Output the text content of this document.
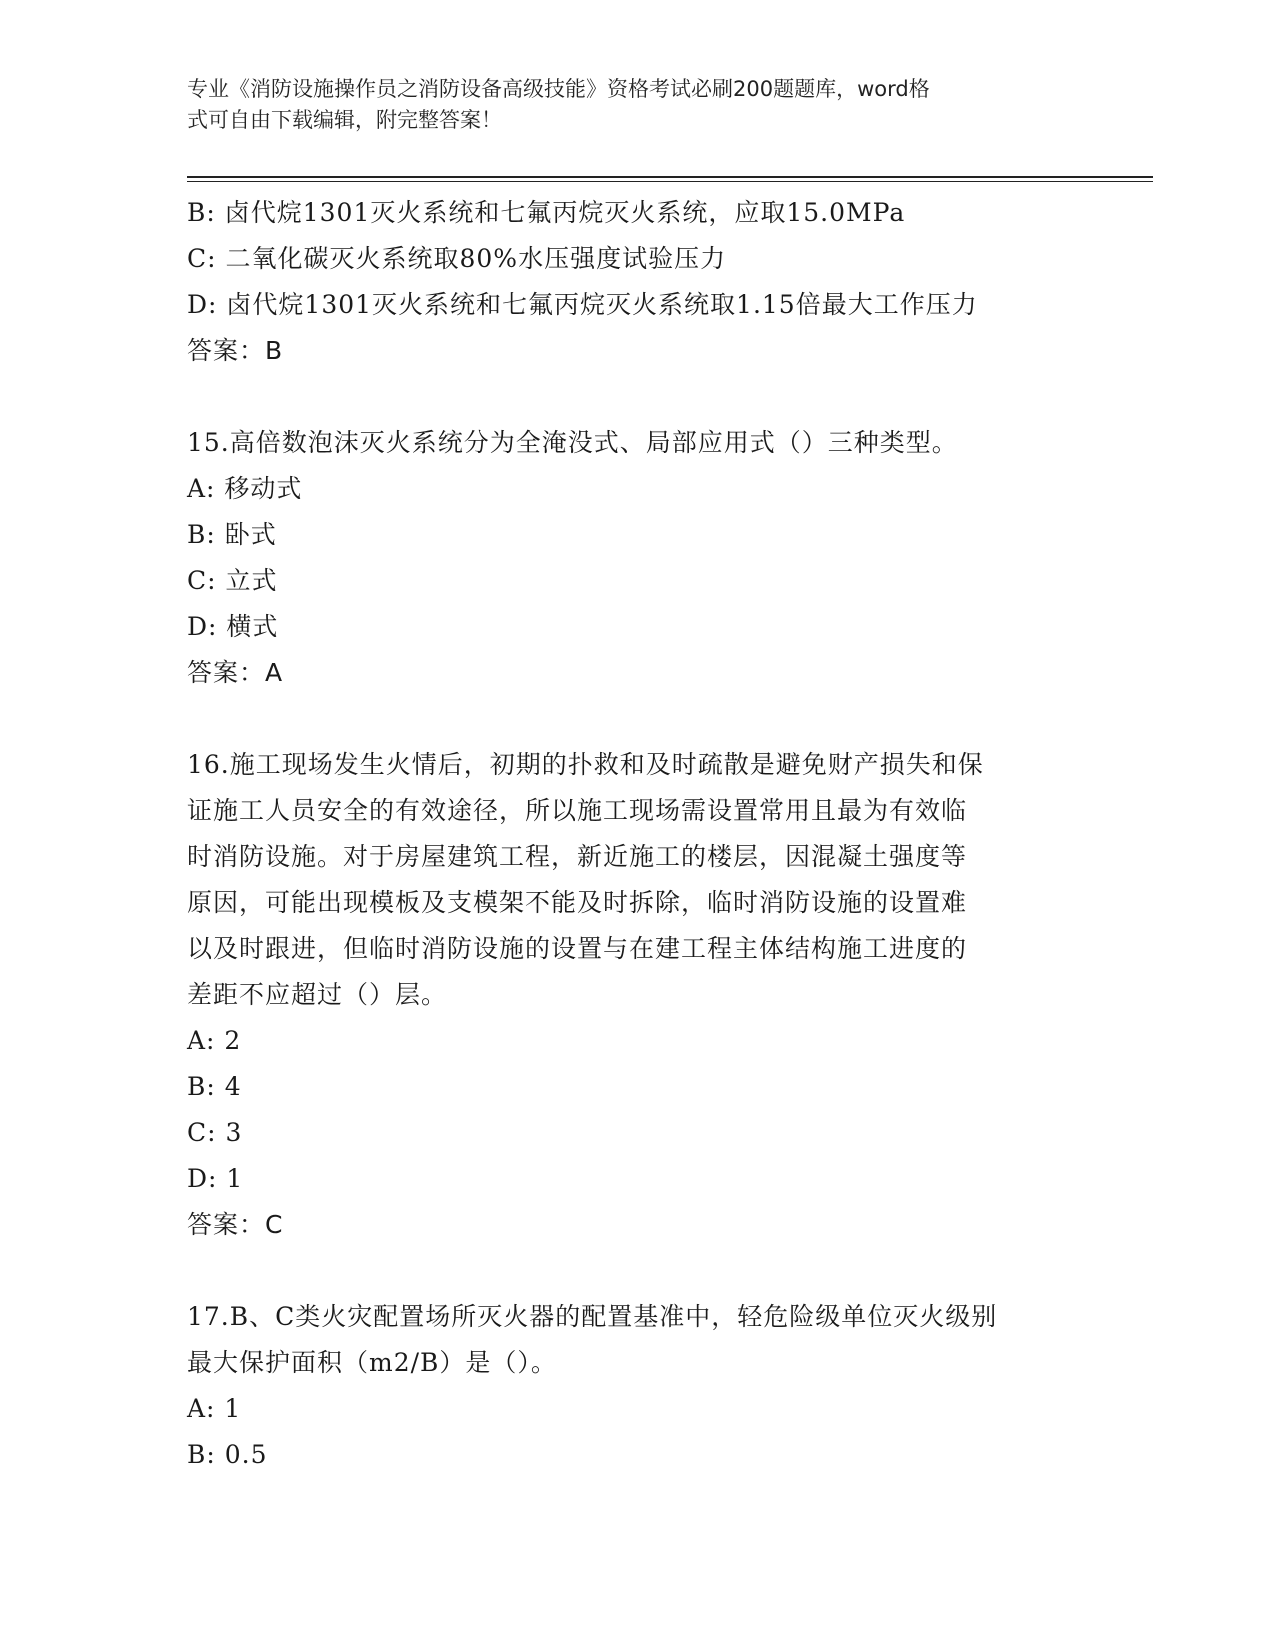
专业《消防设施操作员之消防设备高级技能》资格考试必刷200题题库，word格
式可自由下载编辑，附完整答案！
B: 卤代烷1301灭火系统和七氟丙烷灭火系统，应取15.0MPa
C: 二氧化碳灭火系统取80%水压强度试验压力
D: 卤代烷1301灭火系统和七氟丙烷灭火系统取1.15倍最大工作压力
答案：B
15.高倍数泡沫灭火系统分为全淹没式、局部应用式（）三种类型。
A: 移动式
B: 卧式
C: 立式
D: 横式
答案：A
16.施工现场发生火情后，初期的扑救和及时疏散是避免财产损失和保
证施工人员安全的有效途径，所以施工现场需设置常用且最为有效临
时消防设施。对于房屋建筑工程，新近施工的楼层，因混凝土强度等
原因，可能出现模板及支模架不能及时拆除，临时消防设施的设置难
以及时跟进，但临时消防设施的设置与在建工程主体结构施工进度的
差距不应超过（）层。
A: 2
B: 4
C: 3
D: 1
答案：C
17.B、C类火灾配置场所灭火器的配置基准中，轻危险级单位灭火级别
最大保护面积（m2/B）是（）。
A: 1
B: 0.5
